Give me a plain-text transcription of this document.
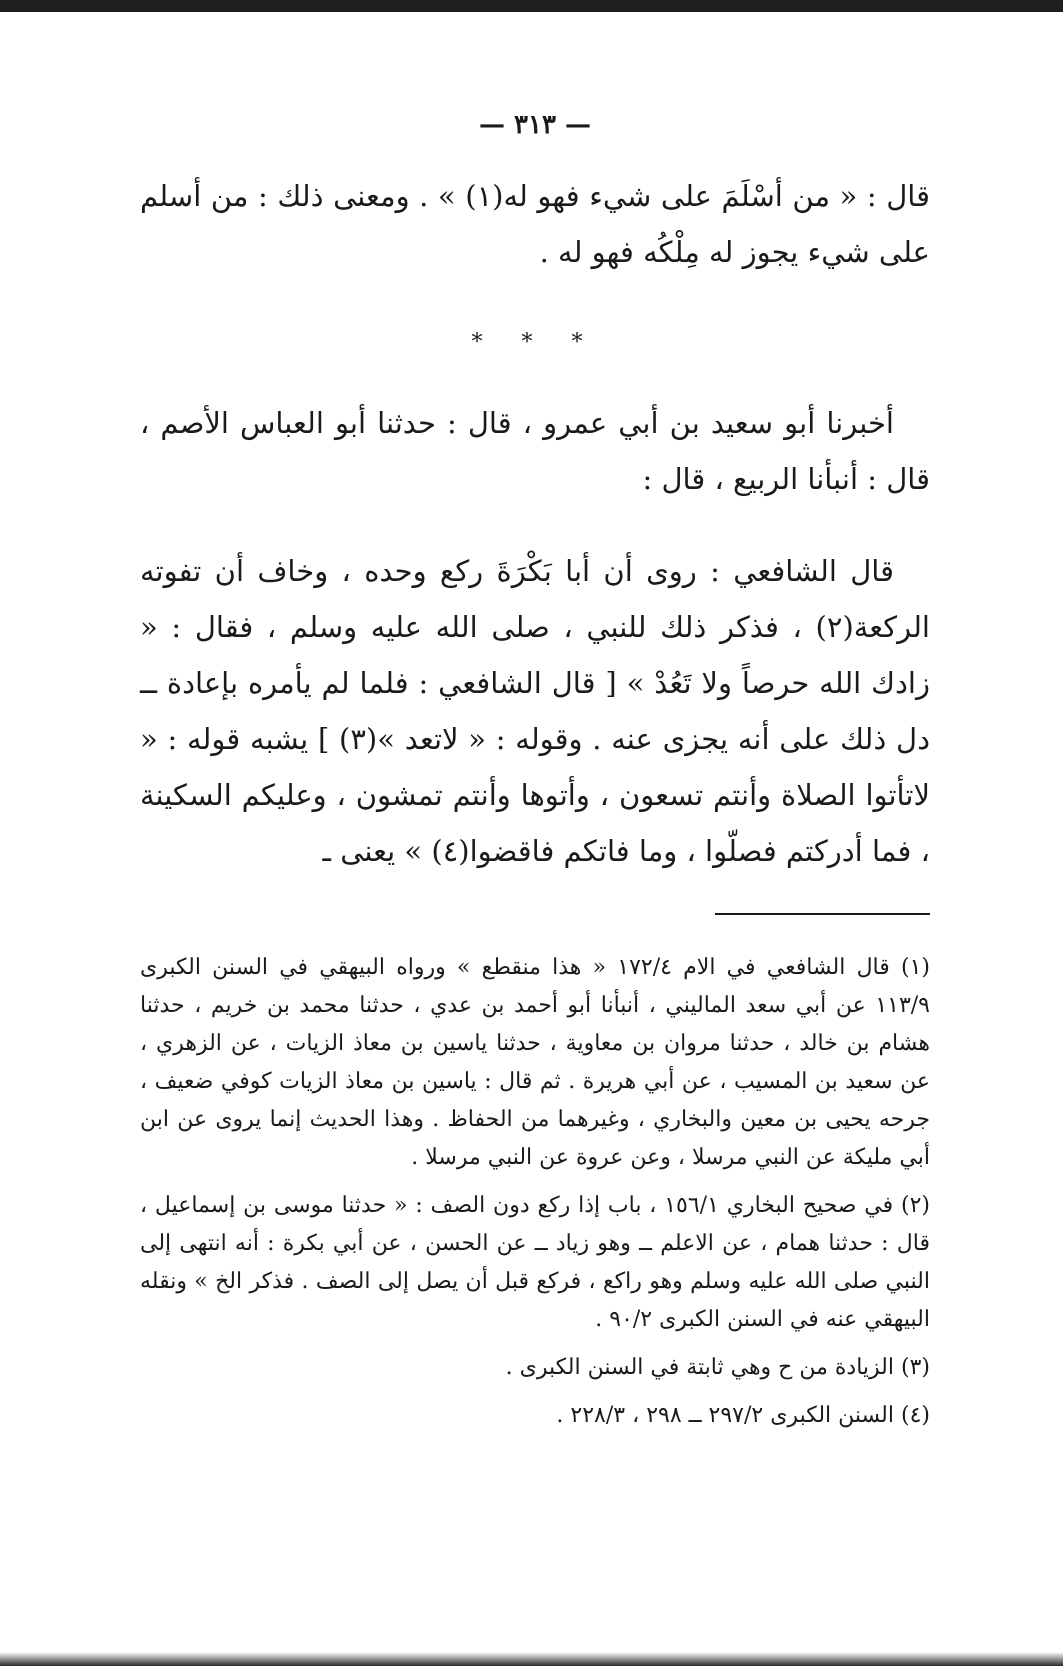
— ٣١٣ —

قال : « من أسْلَمَ على شيء فهو له(١) » . ومعنى ذلك : من أسلم على شيء يجوز له مِلْكُه فهو له .

* * *

أخبرنا أبو سعيد بن أبي عمرو ، قال : حدثنا أبو العباس الأصم ، قال : أنبأنا الربيع ، قال :

قال الشافعي : روى أن أبا بَكْرَةَ ركع وحده ، وخاف أن تفوته الركعة(٢) ، فذكر ذلك للنبي ، صلى الله عليه وسلم ، فقال : « زادك الله حرصاً ولا تَعُدْ » [ قال الشافعي : فلما لم يأمره بإعادة ــ دل ذلك على أنه يجزى عنه . وقوله : « لاتعد »(٣) ] يشبه قوله : « لاتأتوا الصلاة وأنتم تسعون ، وأتوها وأنتم تمشون ، وعليكم السكينة ، فما أدركتم فصلّوا ، وما فاتكم فاقضوا(٤) » يعنى ـ

(١) قال الشافعي في الام ١٧٢/٤ « هذا منقطع » ورواه البيهقي في السنن الكبرى ١١٣/٩ عن أبي سعد الماليني ، أنبأنا أبو أحمد بن عدي ، حدثنا محمد بن خريم ، حدثنا هشام بن خالد ، حدثنا مروان بن معاوية ، حدثنا ياسين بن معاذ الزيات ، عن الزهري ، عن سعيد بن المسيب ، عن أبي هريرة . ثم قال : ياسين بن معاذ الزيات كوفي ضعيف ، جرحه يحيى بن معين والبخاري ، وغيرهما من الحفاظ . وهذا الحديث إنما يروى عن ابن أبي مليكة عن النبي مرسلا ، وعن عروة عن النبي مرسلا .

(٢) في صحيح البخاري ١٥٦/١ ، باب إذا ركع دون الصف : « حدثنا موسى بن إسماعيل ، قال : حدثنا همام ، عن الاعلم ــ وهو زياد ــ عن الحسن ، عن أبي بكرة : أنه انتهى إلى النبي صلى الله عليه وسلم وهو راكع ، فركع قبل أن يصل إلى الصف . فذكر الخ » ونقله البيهقي عنه في السنن الكبرى ٩٠/٢ .

(٣) الزيادة من ح وهي ثابتة في السنن الكبرى .

(٤) السنن الكبرى ٢٩٧/٢ ــ ٢٩٨ ، ٢٢٨/٣ .
